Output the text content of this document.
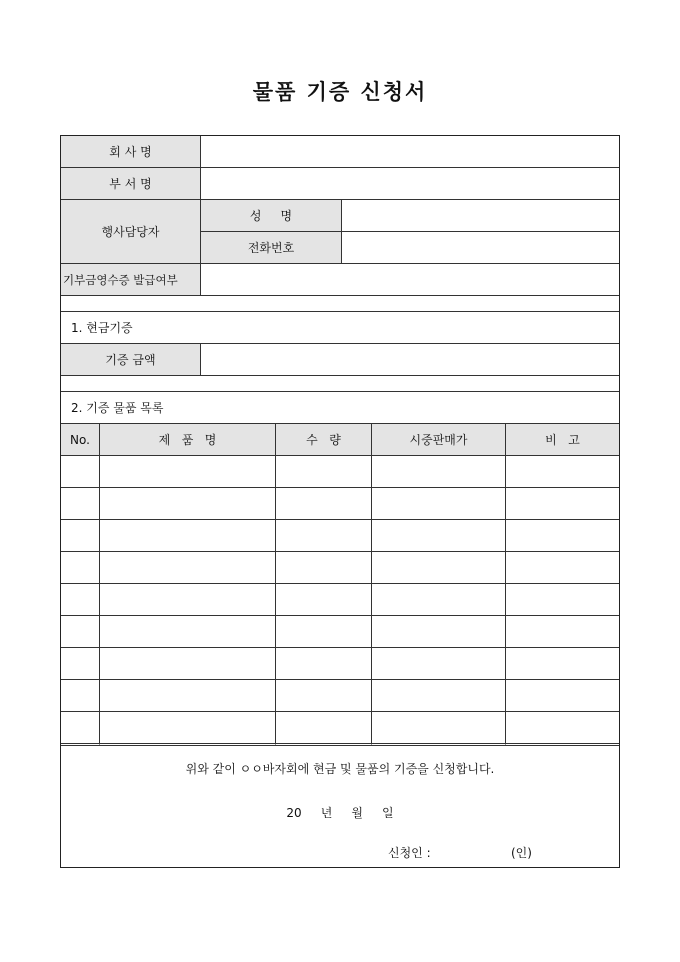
물품 기증 신청서
회 사 명
부 서 명
행사담당자
성     명
전화번호
기부금영수증 발급여부
1. 현금기증
기증 금액
2. 기증 물품 목록
No.	제   품   명	수   량	시중판매가	비   고
위와 같이 ㅇㅇ바자회에 현금 및 물품의 기증을 신청합니다.
20     년     월     일
신청인 :	(인)
